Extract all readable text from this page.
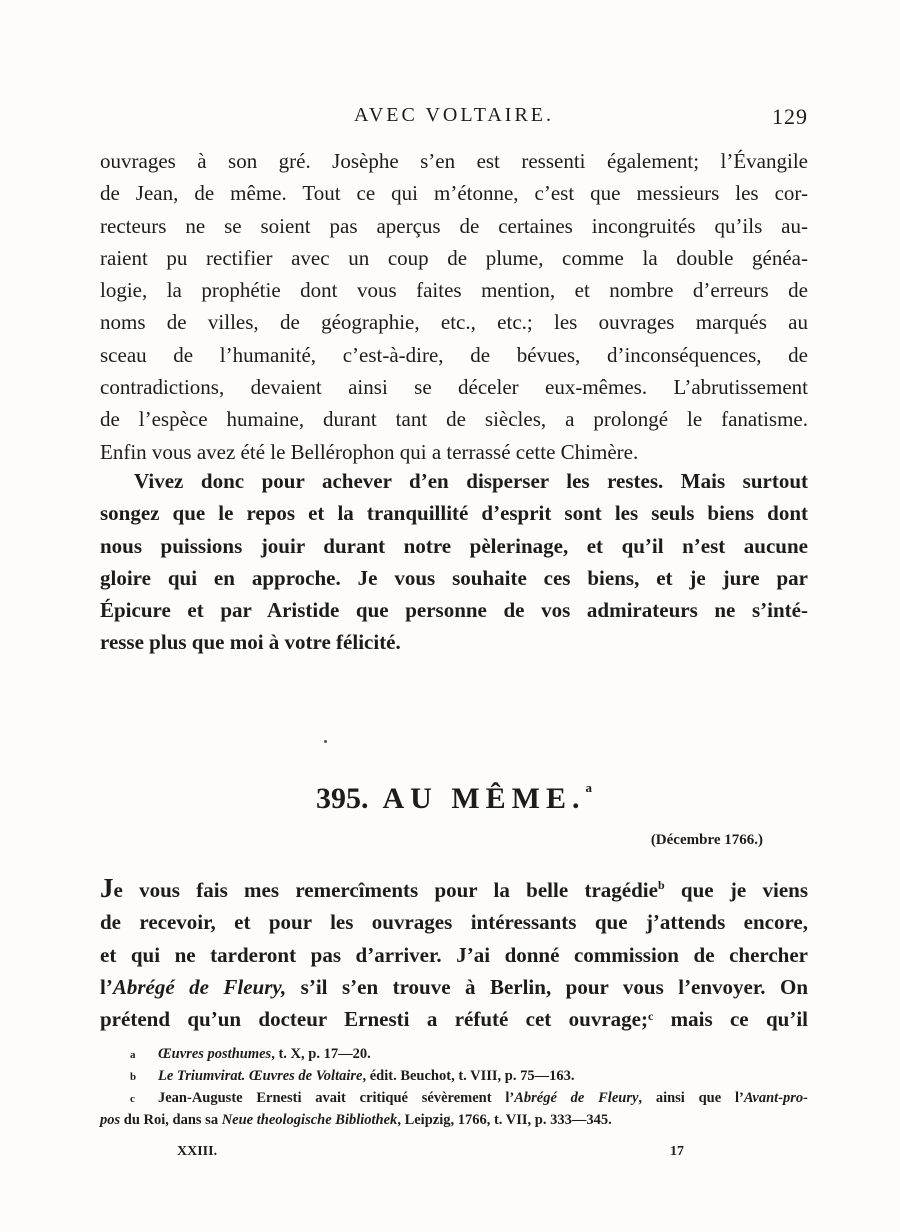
AVEC VOLTAIRE.	129
ouvrages à son gré. Josèphe s’en est ressenti également; l’Évangile
de Jean, de même. Tout ce qui m’étonne, c’est que messieurs les cor-
recteurs ne se soient pas aperçus de certaines incongruités qu’ils au-
raient pu rectifier avec un coup de plume, comme la double généa-
logie, la prophétie dont vous faites mention, et nombre d’erreurs de
noms de villes, de géographie, etc., etc.; les ouvrages marqués au
sceau de l’humanité, c’est-à-dire, de bévues, d’inconséquences, de
contradictions, devaient ainsi se déceler eux-mêmes. L’abrutissement
de l’espèce humaine, durant tant de siècles, a prolongé le fanatisme.
Enfin vous avez été le Bellérophon qui a terrassé cette Chimère.
Vivez donc pour achever d’en disperser les restes. Mais surtout
songez que le repos et la tranquillité d’esprit sont les seuls biens dont
nous puissions jouir durant notre pèlerinage, et qu’il n’est aucune
gloire qui en approche. Je vous souhaite ces biens, et je jure par
Épicure et par Aristide que personne de vos admirateurs ne s’inté-
resse plus que moi à votre félicité.
395. AU MÊME.$^a$
(Décembre 1766.)
Je vous fais mes remercîments pour la belle tragédie$^b$ que je viens
de recevoir, et pour les ouvrages intéressants que j’attends encore,
et qui ne tarderont pas d’arriver. J’ai donné commission de chercher
l’Abrégé de Fleury, s’il s’en trouve à Berlin, pour vous l’envoyer. On
prétend qu’un docteur Ernesti a réfuté cet ouvrage;$^c$ mais ce qu’il
a Œuvres posthumes, t. X, p. 17—20.
b Le Triumvirat. Œuvres de Voltaire, édit. Beuchot, t. VIII, p. 75—163.
c Jean-Auguste Ernesti avait critiqué sévèrement l’Abrégé de Fleury, ainsi que l’Avant-pro-
pos du Roi, dans sa Neue theologische Bibliothek, Leipzig, 1766, t. VII, p. 333—345.
XXIII.	17
